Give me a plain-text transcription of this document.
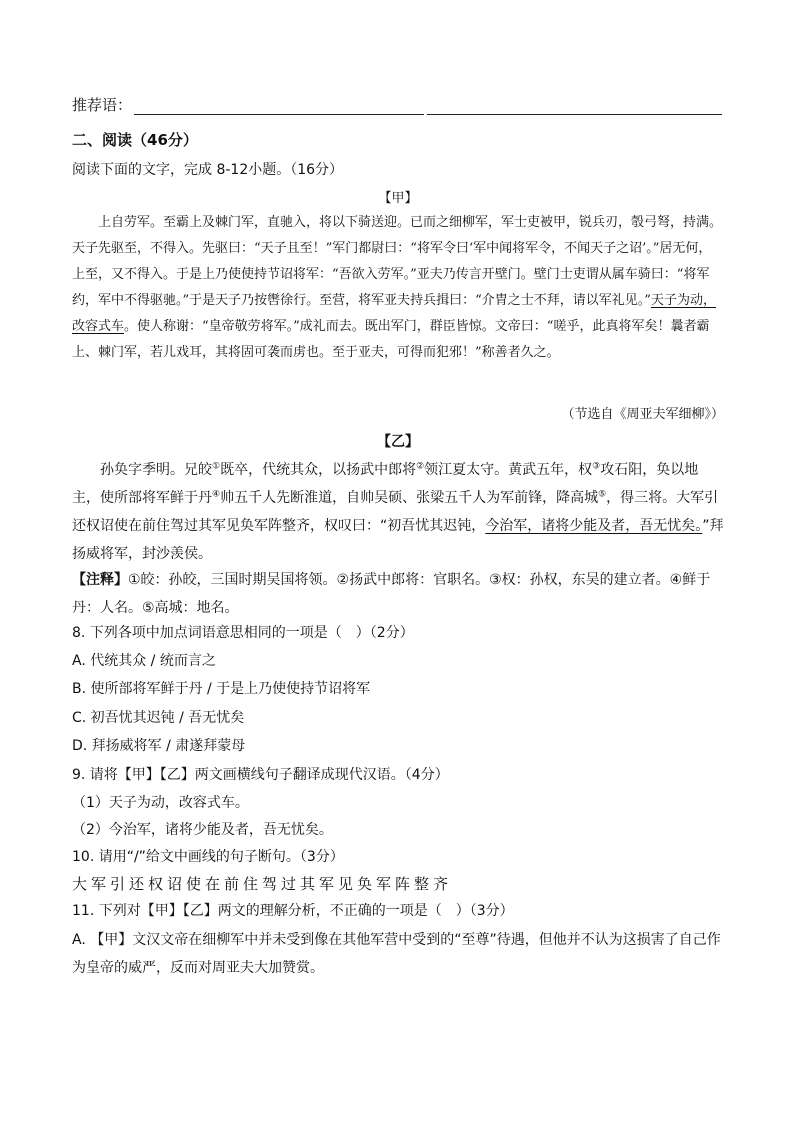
推荐语：
二、阅读（46分）
阅读下面的文字，完成 8-12小题。（16分）
【甲】

上自劳军。至霸上及棘门军，直驰入，将以下骑送迎。已而之细柳军，军士吏被甲，锐兵刃，彀弓弩，持满。天子先驱至，不得入。先驱曰：“天子且至！”军门都尉曰：“将军令曰‘军中闻将军令，不闻天子之诏’。”居无何，上至，又不得入。于是上乃使使持节诏将军：“吾欲入劳军。”亚夫乃传言开壁门。壁门士吏谓从属车骑曰：“将军约，军中不得驱驰。”于是天子乃按辔徐行。至营，将军亚夫持兵揖曰：“介胄之士不拜，请以军礼见。”天子为动，改容式车。使人称谢：“皇帝敬劳将军。”成礼而去。既出军门，群臣皆惊。文帝曰：“嗟乎，此真将军矣！曩者霸上、棘门军，若儿戏耳，其将固可袭而虏也。至于亚夫，可得而犯邪！”称善者久之。

（节选自《周亚夫军细柳》）
【乙】

孙奂字季明。兄皎①既卒，代统其众，以扬武中郎将②领江夏太守。黄武五年，权③攻石阳，奂以地主，使所部将军鲜于丹④帅五千人先断淮道，自帅吴硕、张梁五千人为军前锋，降高城⑤，得三将。大军引还权诏使在前住驾过其军见奂军阵整齐，权叹曰：“初吾忧其迟钝，今治军，诸将少能及者，吾无忧矣。”拜扬威将军，封沙羡侯。

【注释】①皎：孙皎，三国时期吴国将领。②扬武中郎将：官职名。③权：孙权，东吴的建立者。④鲜于丹：人名。⑤高城：地名。

8. 下列各项中加点词语意思相同的一项是（　）（2分）
A. 代统其众 / 统而言之
B. 使所部将军鲜于丹 / 于是上乃使使持节诏将军
C. 初吾忧其迟钝 / 吾无忧矣
D. 拜扬威将军 / 肃遂拜蒙母
9. 请将【甲】【乙】两文画横线句子翻译成现代汉语。（4分）
（1）天子为动，改容式车。
（2）今治军，诸将少能及者，吾无忧矣。
10. 请用“/”给文中画线的句子断句。（3分）
大军引还权诏使在前住驾过其军见奂军阵整齐
11. 下列对【甲】【乙】两文的理解分析，不正确的一项是（　）（3分）

A. 【甲】文汉文帝在细柳军中并未受到像在其他军营中受到的“至尊”待遇，但他并不认为这损害了自己作为皇帝的威严，反而对周亚夫大加赞赏。
